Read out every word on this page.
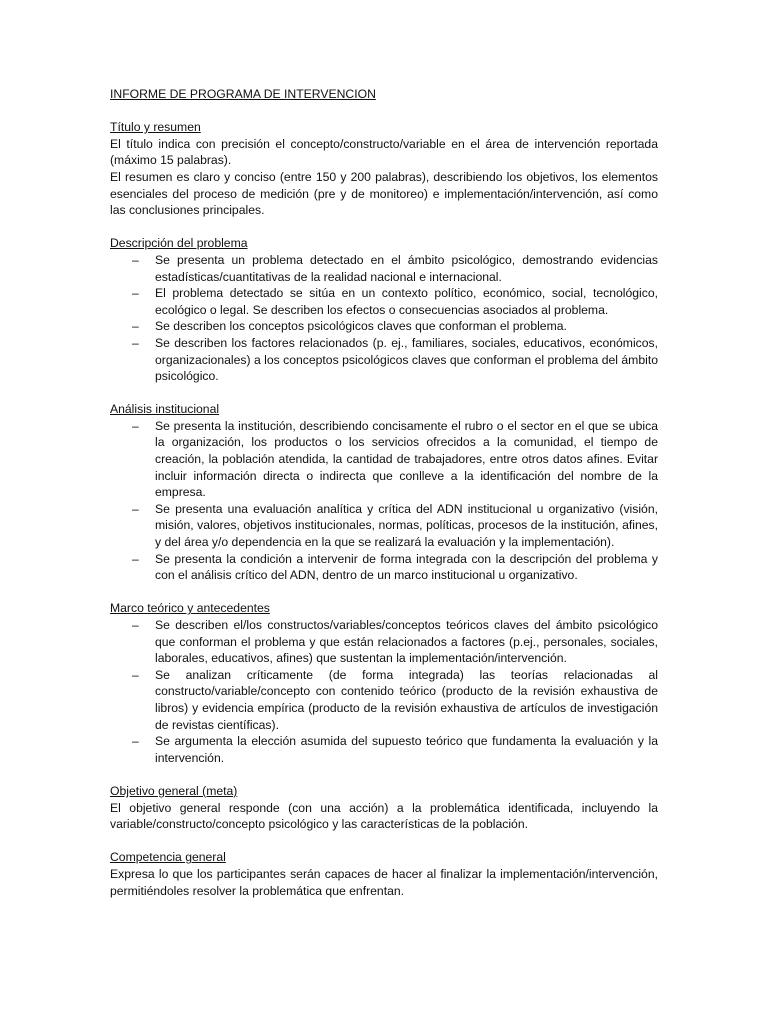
INFORME DE PROGRAMA DE INTERVENCION
Título y resumen

El título indica con precisión el concepto/constructo/variable en el área de intervención reportada (máximo 15 palabras).

El resumen es claro y conciso (entre 150 y 200 palabras), describiendo los objetivos, los elementos esenciales del proceso de medición (pre y de monitoreo) e implementación/intervención, así como las conclusiones principales.

Descripción del problema
– Se presenta un problema detectado en el ámbito psicológico, demostrando evidencias estadísticas/cuantitativas de la realidad nacional e internacional.
– El problema detectado se sitúa en un contexto político, económico, social, tecnológico, ecológico o legal. Se describen los efectos o consecuencias asociados al problema.
– Se describen los conceptos psicológicos claves que conforman el problema.
– Se describen los factores relacionados (p. ej., familiares, sociales, educativos, económicos, organizacionales) a los conceptos psicológicos claves que conforman el problema del ámbito psicológico.
Análisis institucional
– Se presenta la institución, describiendo concisamente el rubro o el sector en el que se ubica la organización, los productos o los servicios ofrecidos a la comunidad, el tiempo de creación, la población atendida, la cantidad de trabajadores, entre otros datos afines. Evitar incluir información directa o indirecta que conlleve a la identificación del nombre de la empresa.
– Se presenta una evaluación analítica y crítica del ADN institucional u organizativo (visión, misión, valores, objetivos institucionales, normas, políticas, procesos de la institución, afines, y del área y/o dependencia en la que se realizará la evaluación y la implementación).
– Se presenta la condición a intervenir de forma integrada con la descripción del problema y con el análisis crítico del ADN, dentro de un marco institucional u organizativo.
Marco teórico y antecedentes
– Se describen el/los constructos/variables/conceptos teóricos claves del ámbito psicológico que conforman el problema y que están relacionados a factores (p.ej., personales, sociales, laborales, educativos, afines) que sustentan la implementación/intervención.
– Se analizan críticamente (de forma integrada) las teorías relacionadas al constructo/variable/concepto con contenido teórico (producto de la revisión exhaustiva de libros) y evidencia empírica (producto de la revisión exhaustiva de artículos de investigación de revistas científicas).
– Se argumenta la elección asumida del supuesto teórico que fundamenta la evaluación y la intervención.
Objetivo general (meta)

El objetivo general responde (con una acción) a la problemática identificada, incluyendo la variable/constructo/concepto psicológico y las características de la población.

Competencia general

Expresa lo que los participantes serán capaces de hacer al finalizar la implementación/intervención, permitiéndoles resolver la problemática que enfrentan.
